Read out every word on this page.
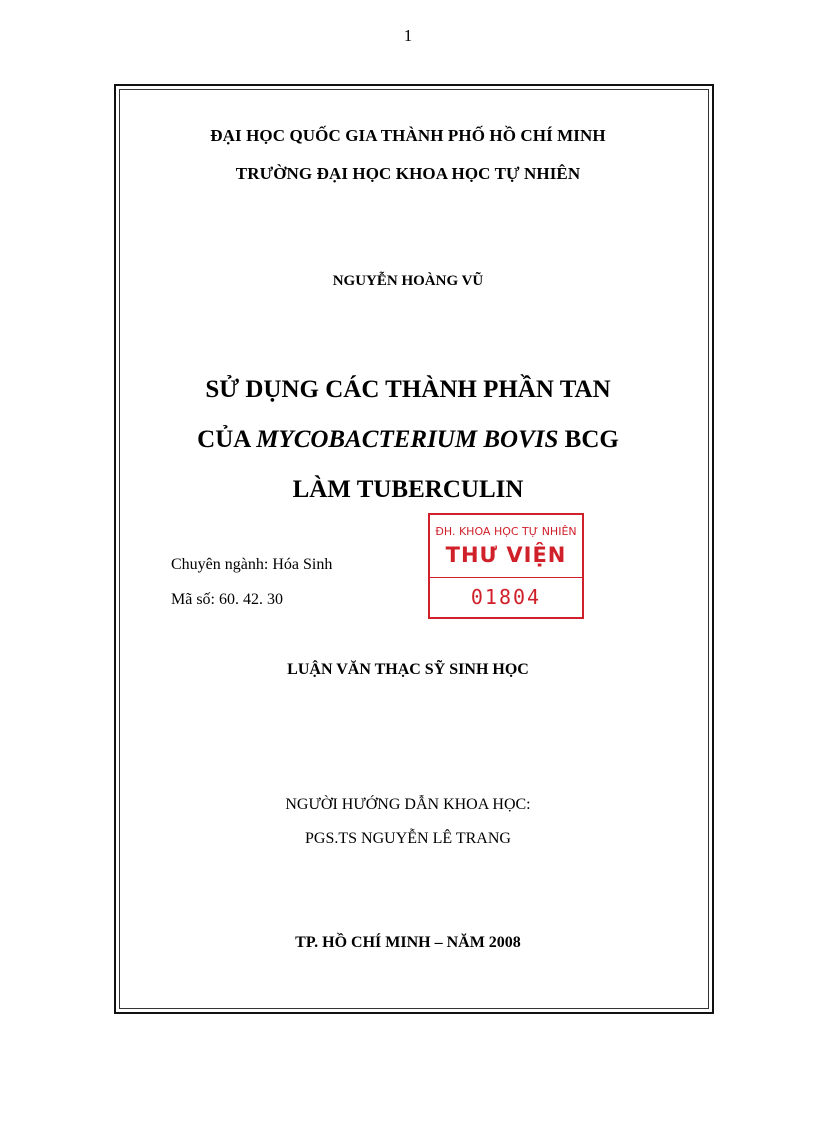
1
ĐẠI HỌC QUỐC GIA THÀNH PHỐ HỒ CHÍ MINH
TRƯỜNG ĐẠI HỌC KHOA HỌC TỰ NHIÊN
NGUYỄN HOÀNG VŨ
SỬ DỤNG CÁC THÀNH PHẦN TAN
CỦA MYCOBACTERIUM BOVIS BCG
LÀM TUBERCULIN
Chuyên ngành: Hóa Sinh
Mã số: 60. 42. 30
ĐH. KHOA HỌC TỰ NHIÊN
THƯ VIỆN
01804
LUẬN VĂN THẠC SỸ SINH HỌC
NGƯỜI HƯỚNG DẪN KHOA HỌC:
PGS.TS NGUYỄN LÊ TRANG
TP. HỒ CHÍ MINH – NĂM 2008
